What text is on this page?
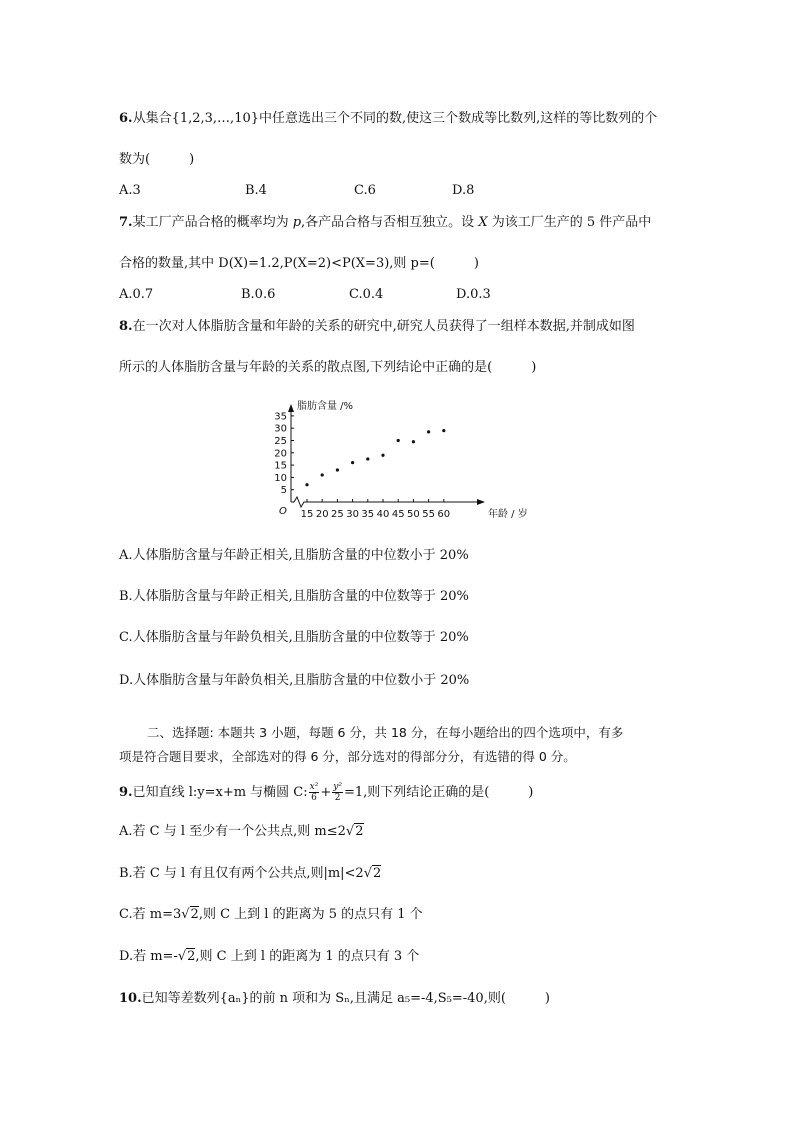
6.从集合{1,2,3,…,10}中任意选出三个不同的数,使这三个数成等比数列,这样的等比数列的个
数为(　　　)
A.3	B.4	C.6	D.8
7.某工厂产品合格的概率均为 p,各产品合格与否相互独立。设 X 为该工厂生产的 5 件产品中
合格的数量,其中 D(X)=1.2,P(X=2)<P(X=3),则 p=(　　　)
A.0.7	B.0.6	C.0.4	D.0.3
8.在一次对人体脂肪含量和年龄的关系的研究中,研究人员获得了一组样本数据,并制成如图
所示的人体脂肪含量与年龄的关系的散点图,下列结论中正确的是(　　　)
5
10
15
20
25
30
35
15 20 25 30 35 40 45 50 55 60
O
脂肪含量 /%
年龄 / 岁
A.人体脂肪含量与年龄正相关,且脂肪含量的中位数小于 20%
B.人体脂肪含量与年龄正相关,且脂肪含量的中位数等于 20%
C.人体脂肪含量与年龄负相关,且脂肪含量的中位数等于 20%
D.人体脂肪含量与年龄负相关,且脂肪含量的中位数小于 20%
二、选择题: 本题共 3 小题，每题 6 分，共 18 分，在每小题给出的四个选项中，有多
项是符合题目要求，全部选对的得 6 分，部分选对的得部分分，有选错的得 0 分。
9.已知直线 l:y=x+m 与椭圆 C: $\frac{\text{x²}}{6} + \frac{\text{y²}}{2} =1$,则下列结论正确的是(　　　)
A.若 C 与 l 至少有一个公共点,则 m≤2√2
B.若 C 与 l 有且仅有两个公共点,则|m|<2√2
C.若 m=3√2,则 C 上到 l 的距离为 5 的点只有 1 个
D.若 m=-√2,则 C 上到 l 的距离为 1 的点只有 3 个
10.已知等差数列{aₙ}的前 n 项和为 Sₙ,且满足 a₅=-4,S₅=-40,则(　　　)
